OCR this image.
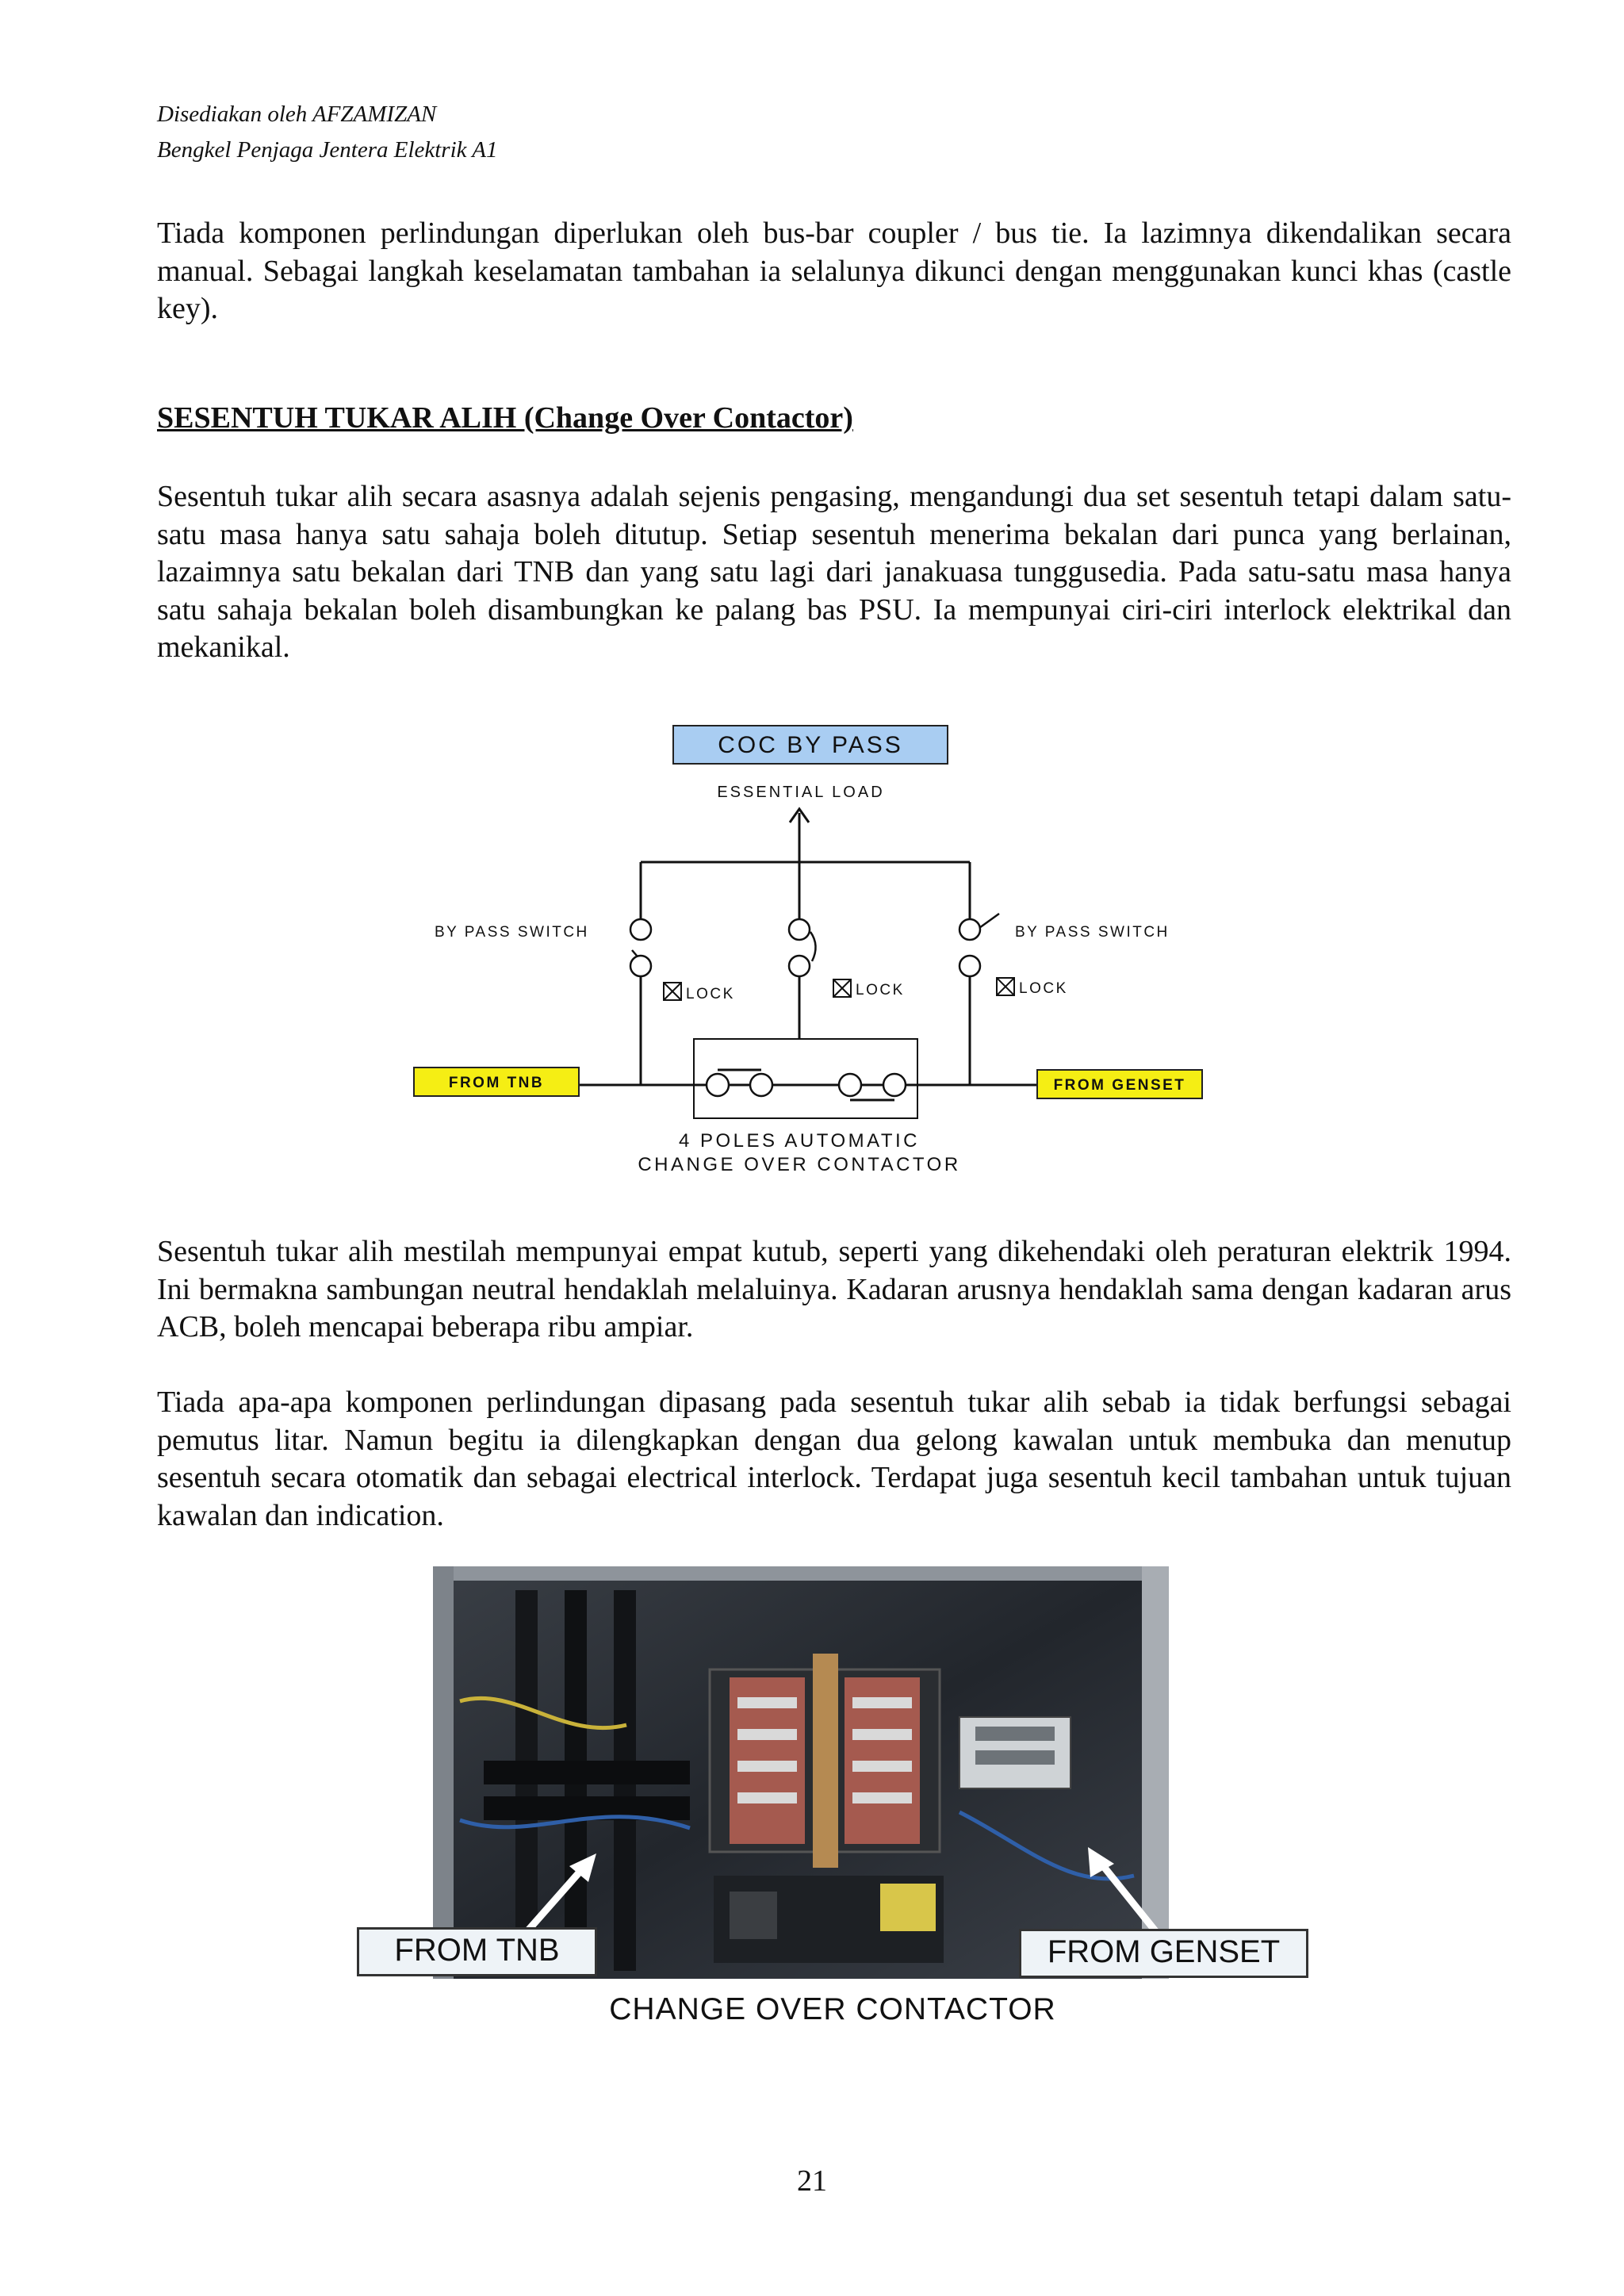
Disediakan oleh AFZAMIZAN
Bengkel Penjaga Jentera Elektrik A1

Tiada komponen perlindungan diperlukan oleh bus-bar coupler / bus tie. Ia lazimnya dikendalikan secara manual. Sebagai langkah keselamatan tambahan ia selalunya dikunci dengan menggunakan kunci khas (castle key).

SESENTUH TUKAR ALIH (Change Over Contactor)

Sesentuh tukar alih secara asasnya adalah sejenis pengasing, mengandungi dua set sesentuh tetapi dalam satu-satu masa hanya satu sahaja boleh ditutup. Setiap sesentuh menerima bekalan dari punca yang berlainan, lazaimnya satu bekalan dari TNB dan yang satu lagi dari janakuasa tunggusedia. Pada satu-satu masa hanya satu sahaja bekalan boleh disambungkan ke palang bas PSU. Ia mempunyai ciri-ciri interlock elektrikal dan mekanikal.

COC BY PASS
ESSENTIAL LOAD
BY PASS SWITCH	BY PASS SWITCH
LOCK	LOCK	LOCK
FROM TNB	FROM GENSET
4 POLES AUTOMATIC
CHANGE OVER CONTACTOR

Sesentuh tukar alih mestilah mempunyai empat kutub, seperti yang dikehendaki oleh peraturan elektrik 1994. Ini bermakna sambungan neutral hendaklah melaluinya. Kadaran arusnya hendaklah sama dengan kadaran arus ACB, boleh mencapai beberapa ribu ampiar.

Tiada apa-apa komponen perlindungan dipasang pada sesentuh tukar alih sebab ia tidak berfungsi sebagai pemutus litar. Namun begitu ia dilengkapkan dengan dua gelong kawalan untuk membuka dan menutup sesentuh secara otomatik dan sebagai electrical interlock. Terdapat juga sesentuh kecil tambahan untuk tujuan kawalan dan indication.

FROM TNB	FROM GENSET
CHANGE OVER CONTACTOR
21
